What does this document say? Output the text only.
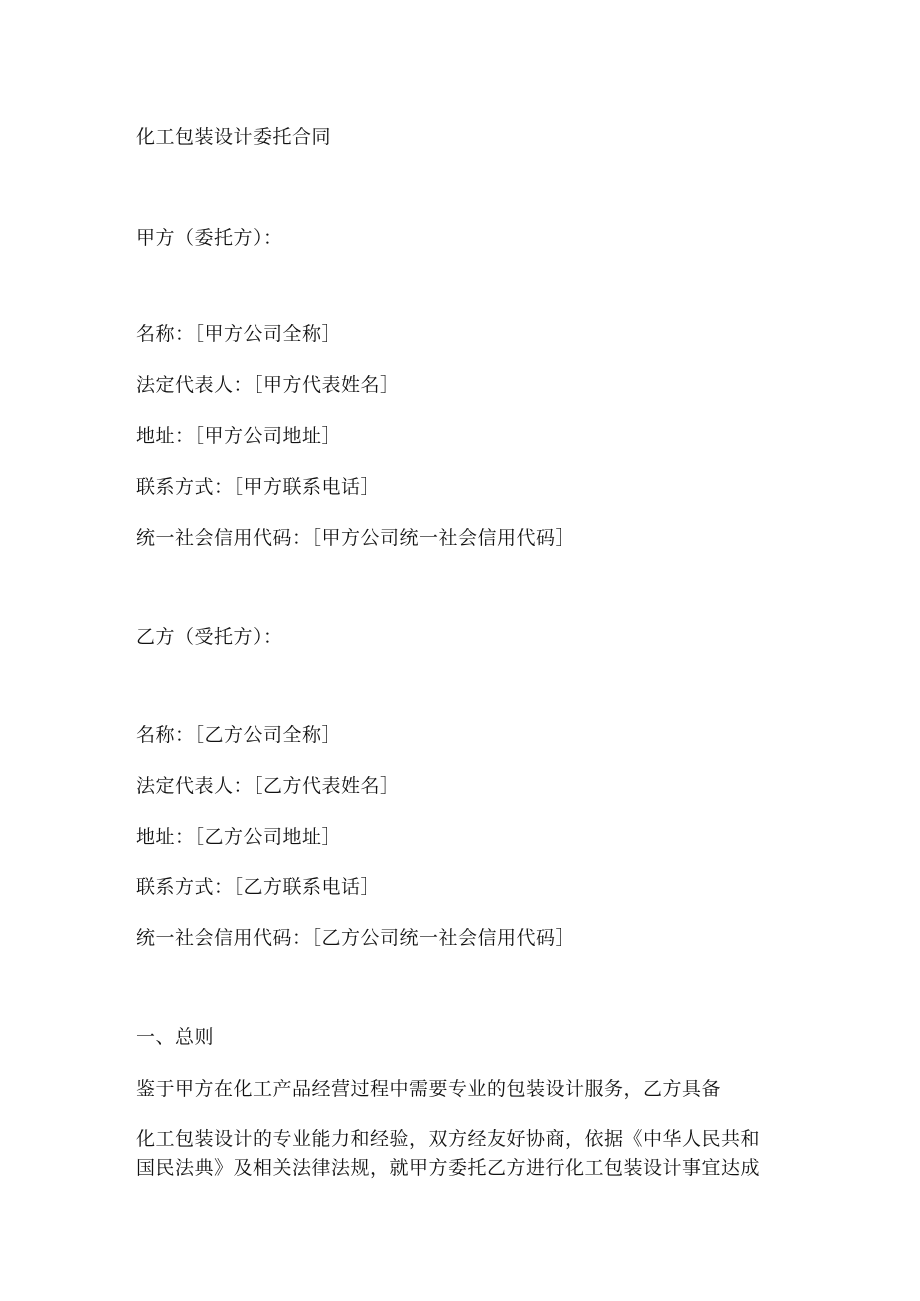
化工包装设计委托合同
甲方（委托方）：
名称：［甲方公司全称］
法定代表人：［甲方代表姓名］
地址：［甲方公司地址］
联系方式：［甲方联系电话］
统一社会信用代码：［甲方公司统一社会信用代码］
乙方（受托方）：
名称：［乙方公司全称］
法定代表人：［乙方代表姓名］
地址：［乙方公司地址］
联系方式：［乙方联系电话］
统一社会信用代码：［乙方公司统一社会信用代码］
一、总则
鉴于甲方在化工产品经营过程中需要专业的包装设计服务，乙方具备
化工包装设计的专业能力和经验，双方经友好协商，依据《中华人民共和
国民法典》及相关法律法规，就甲方委托乙方进行化工包装设计事宜达成
